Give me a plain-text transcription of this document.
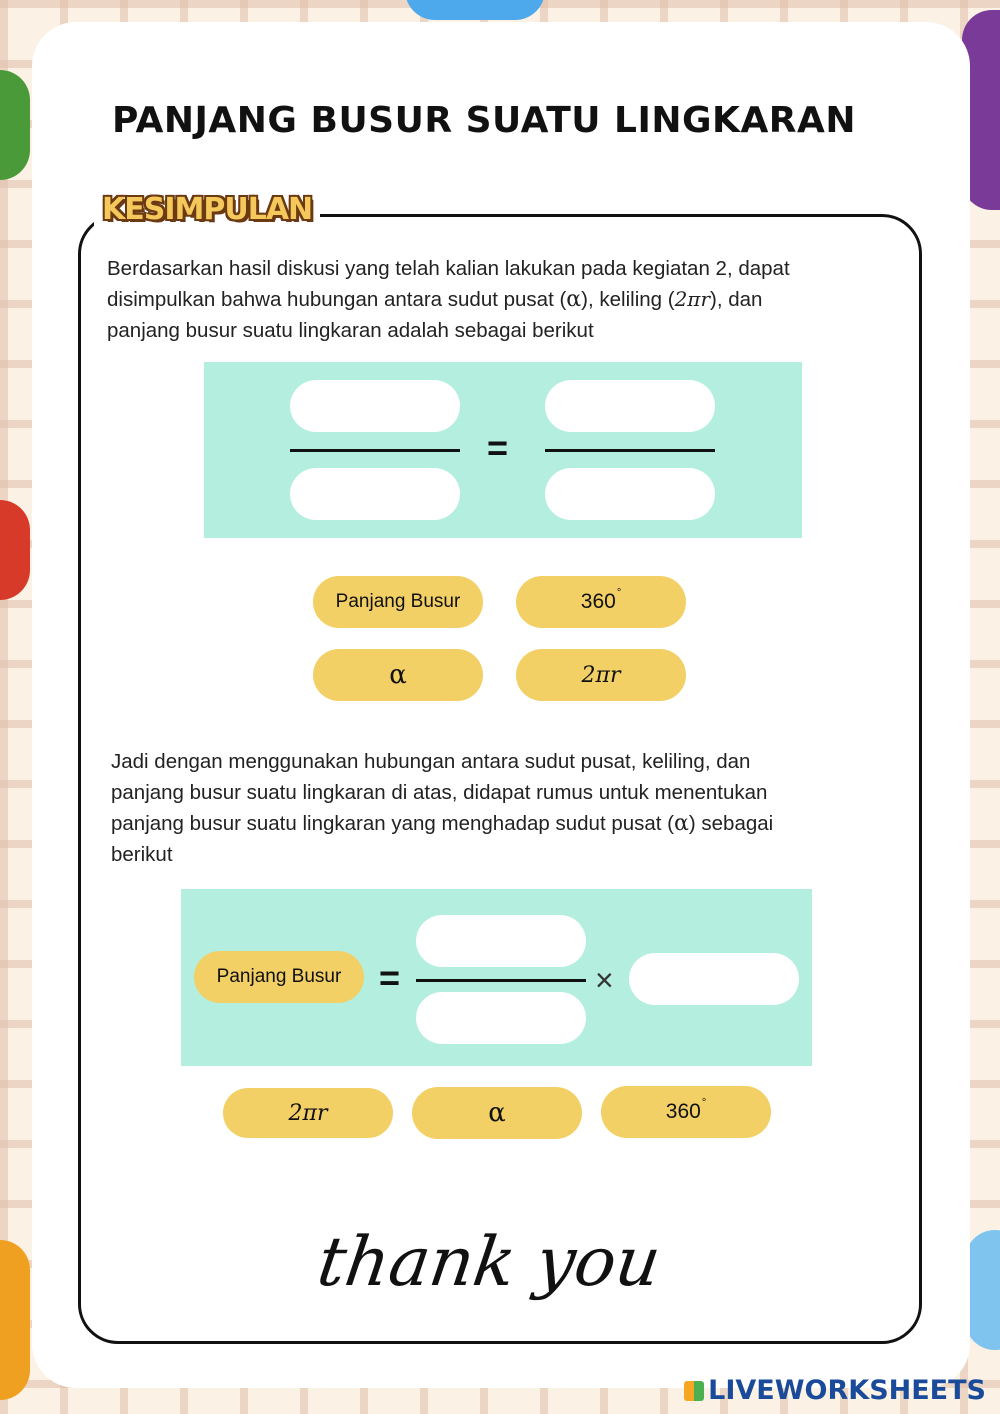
PANJANG BUSUR SUATU LINGKARAN
KESIMPULAN

Berdasarkan hasil diskusi yang telah kalian lakukan pada kegiatan 2, dapat

disimpulkan bahwa hubungan antara sudut pusat (α), keliling (2πr), dan

panjang busur suatu lingkaran adalah sebagai berikut

=
Panjang Busur	360 °
α	2πr

Jadi dengan menggunakan hubungan antara sudut pusat, keliling, dan

panjang busur suatu lingkaran di atas, didapat rumus untuk menentukan

panjang busur suatu lingkaran yang menghadap sudut pusat (α) sebagai

berikut

Panjang Busur =	×
2πr	α	360 °
thank you
LIVEWORKSHEETS
